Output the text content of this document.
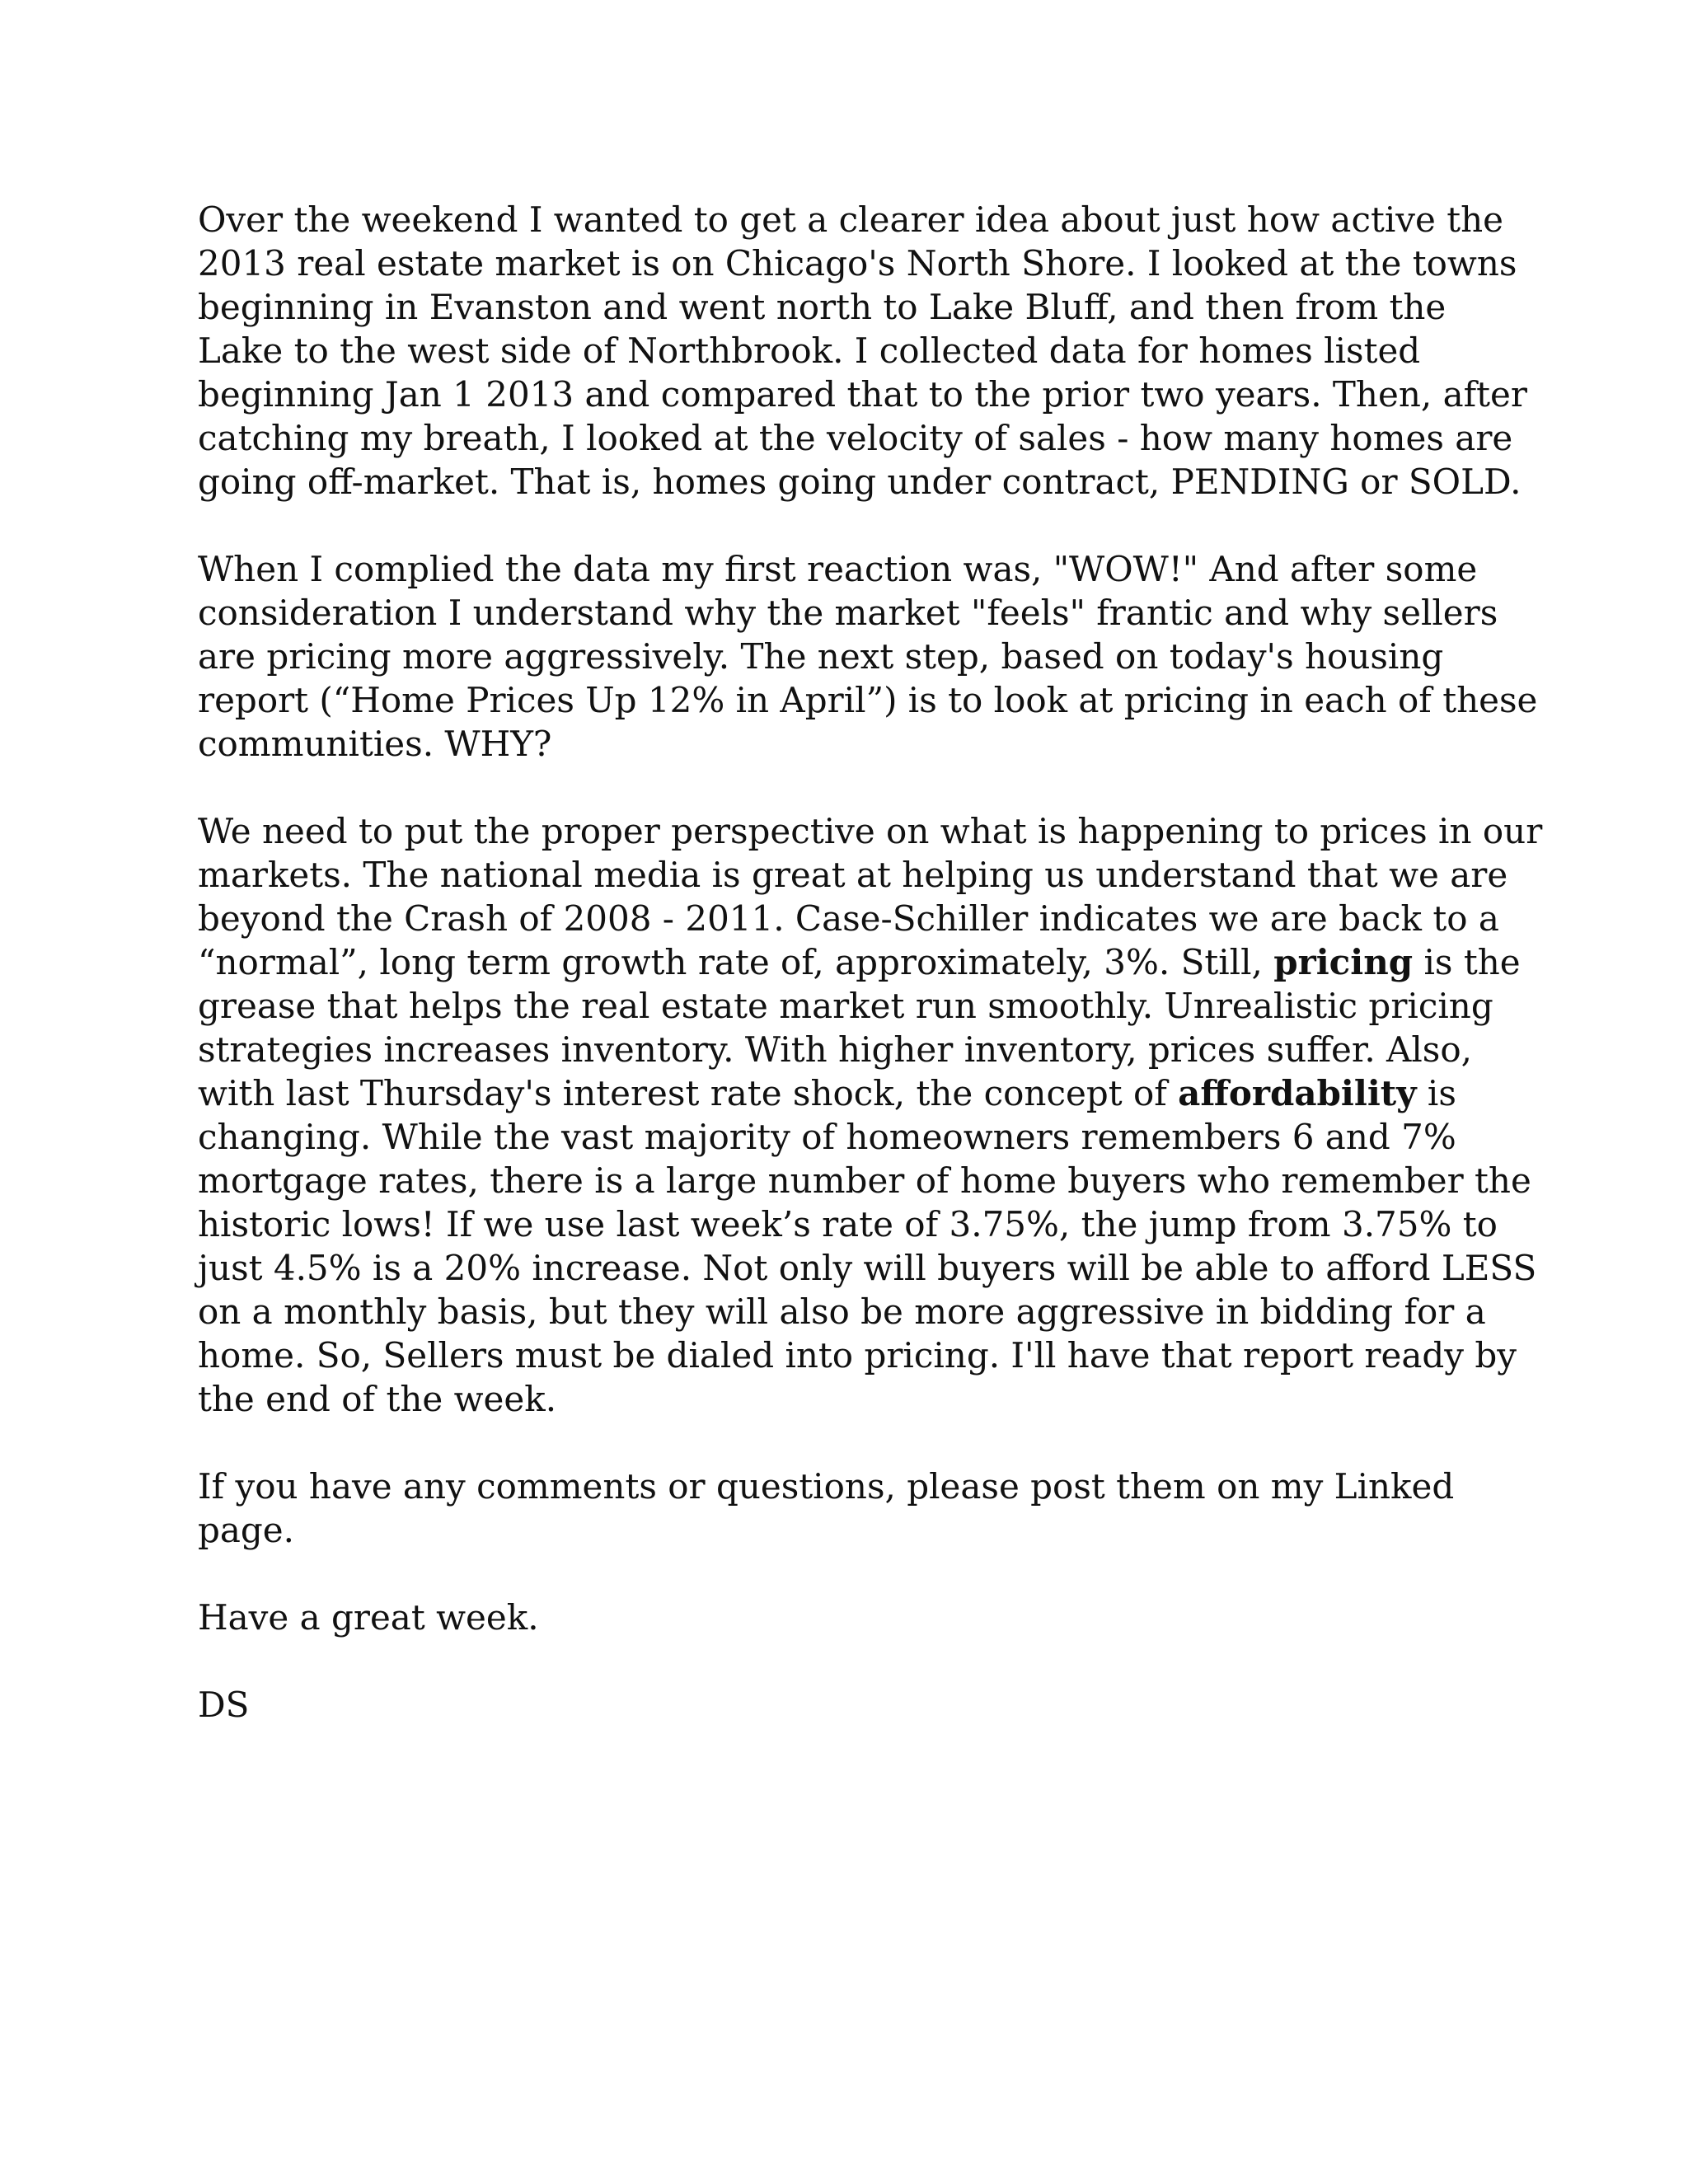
Over the weekend I wanted to get a clearer idea about just how active the
2013 real estate market is on Chicago's North Shore. I looked at the towns
beginning in Evanston and went north to Lake Bluff, and then from the
Lake to the west side of Northbrook. I collected data for homes listed
beginning Jan 1 2013 and compared that to the prior two years. Then, after
catching my breath, I looked at the velocity of sales - how many homes are
going off-market. That is, homes going under contract, PENDING or SOLD.

When I complied the data my first reaction was, "WOW!" And after some
consideration I understand why the market "feels" frantic and why sellers
are pricing more aggressively. The next step, based on today's housing
report (“Home Prices Up 12% in April”) is to look at pricing in each of these
communities. WHY?

We need to put the proper perspective on what is happening to prices in our
markets. The national media is great at helping us understand that we are
beyond the Crash of 2008 - 2011. Case-Schiller indicates we are back to a
“normal”, long term growth rate of, approximately, 3%. Still, pricing is the
grease that helps the real estate market run smoothly. Unrealistic pricing
strategies increases inventory. With higher inventory, prices suffer. Also,
with last Thursday's interest rate shock, the concept of affordability is
changing. While the vast majority of homeowners remembers 6 and 7%
mortgage rates, there is a large number of home buyers who remember the
historic lows! If we use last week’s rate of 3.75%, the jump from 3.75% to
just 4.5% is a 20% increase. Not only will buyers will be able to afford LESS
on a monthly basis, but they will also be more aggressive in bidding for a
home. So, Sellers must be dialed into pricing. I'll have that report ready by
the end of the week.

If you have any comments or questions, please post them on my Linked
page.

Have a great week.

DS
